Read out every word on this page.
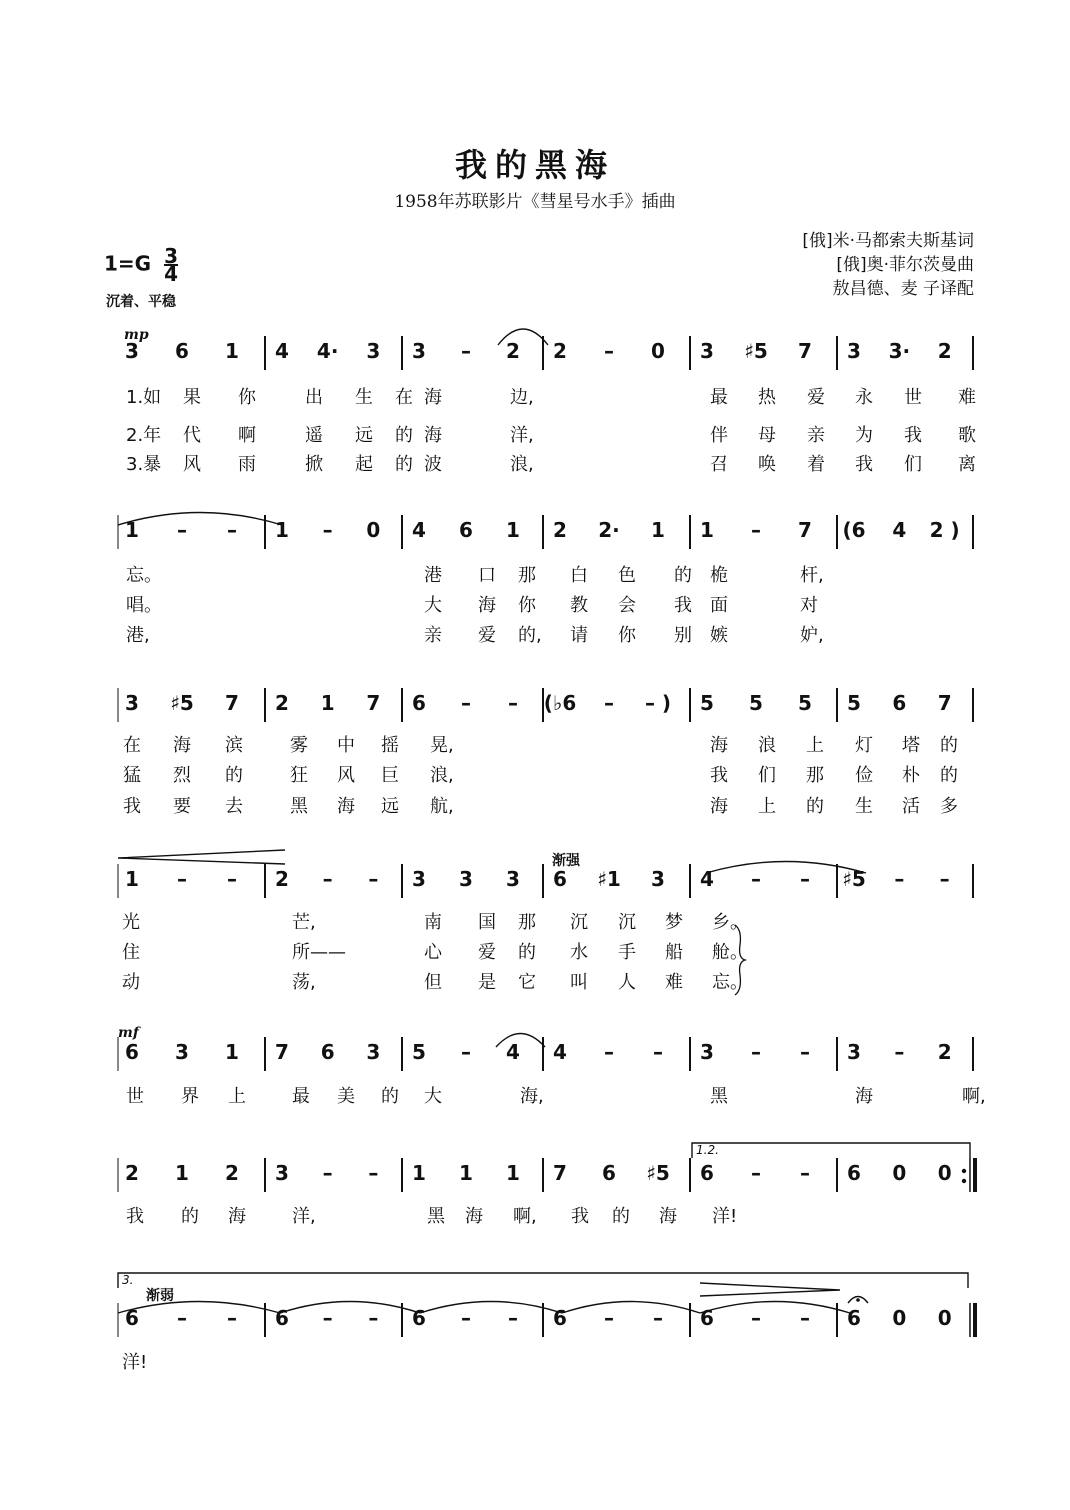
我的黑海
1958年苏联影片《彗星号水手》插曲
[俄]米·马都索夫斯基词
[俄]奥·菲尔茨曼曲
敖昌德、麦 子译配
$1=G \frac{3}{4}$
沉着、平稳
mp
mf
渐强
渐弱
1.2.
3.
3 6 1 4 4· 3 3 – 2 2 – 0 3 ♯5 7 3 3· 2
1.如 果 你	出 生 在 海	边,	最 热 爱 永 世 难
2.年 代 啊	遥 远 的 海	洋,	伴 母 亲 为 我 歌
3.暴 风 雨	掀 起 的 波	浪,	召 唤 着 我 们 离
1 – – 1 – 0 4 6 1 2 2· 1 1 – 7 (6 4 2 )
忘。	港 口 那 白 色 的 桅	杆,
唱。	大 海 你 教 会 我 面	对
港,	亲 爱 的, 请 你 别 嫉	妒,
3 ♯5 7 2 1 7 6 – – (♭6 – – ) 5 5 5 5 6 7
在 海 滨	雾 中 摇 晃,	海 浪 上 灯 塔 的
猛 烈 的	狂 风 巨 浪,	我 们 那 俭 朴 的
我 要 去	黑 海 远 航,	海 上 的 生 活 多
1 – – 2 – – 3 3 3 6 ♯1 3 4 – – ♯5 – –
光	芒,	南 国 那 沉 沉 梦 乡。
住	所——	心 爱 的 水 手 船 舱。
动	荡,	但 是 它 叫 人 难 忘。
6 3 1 7 6 3 5 – 4 4 – – 3 – – 3 – 2
世 界 上	最 美 的 大	海,	黑	海	啊,
2 1 2 3 – – 1 1 1 7 6 ♯5 6 – – 6 0 0
我 的 海	洋,	黑 海 啊, 我 的 海 洋!
6 – – 6 – – 6 – – 6 – – 6 – – 6 0 0
洋!
